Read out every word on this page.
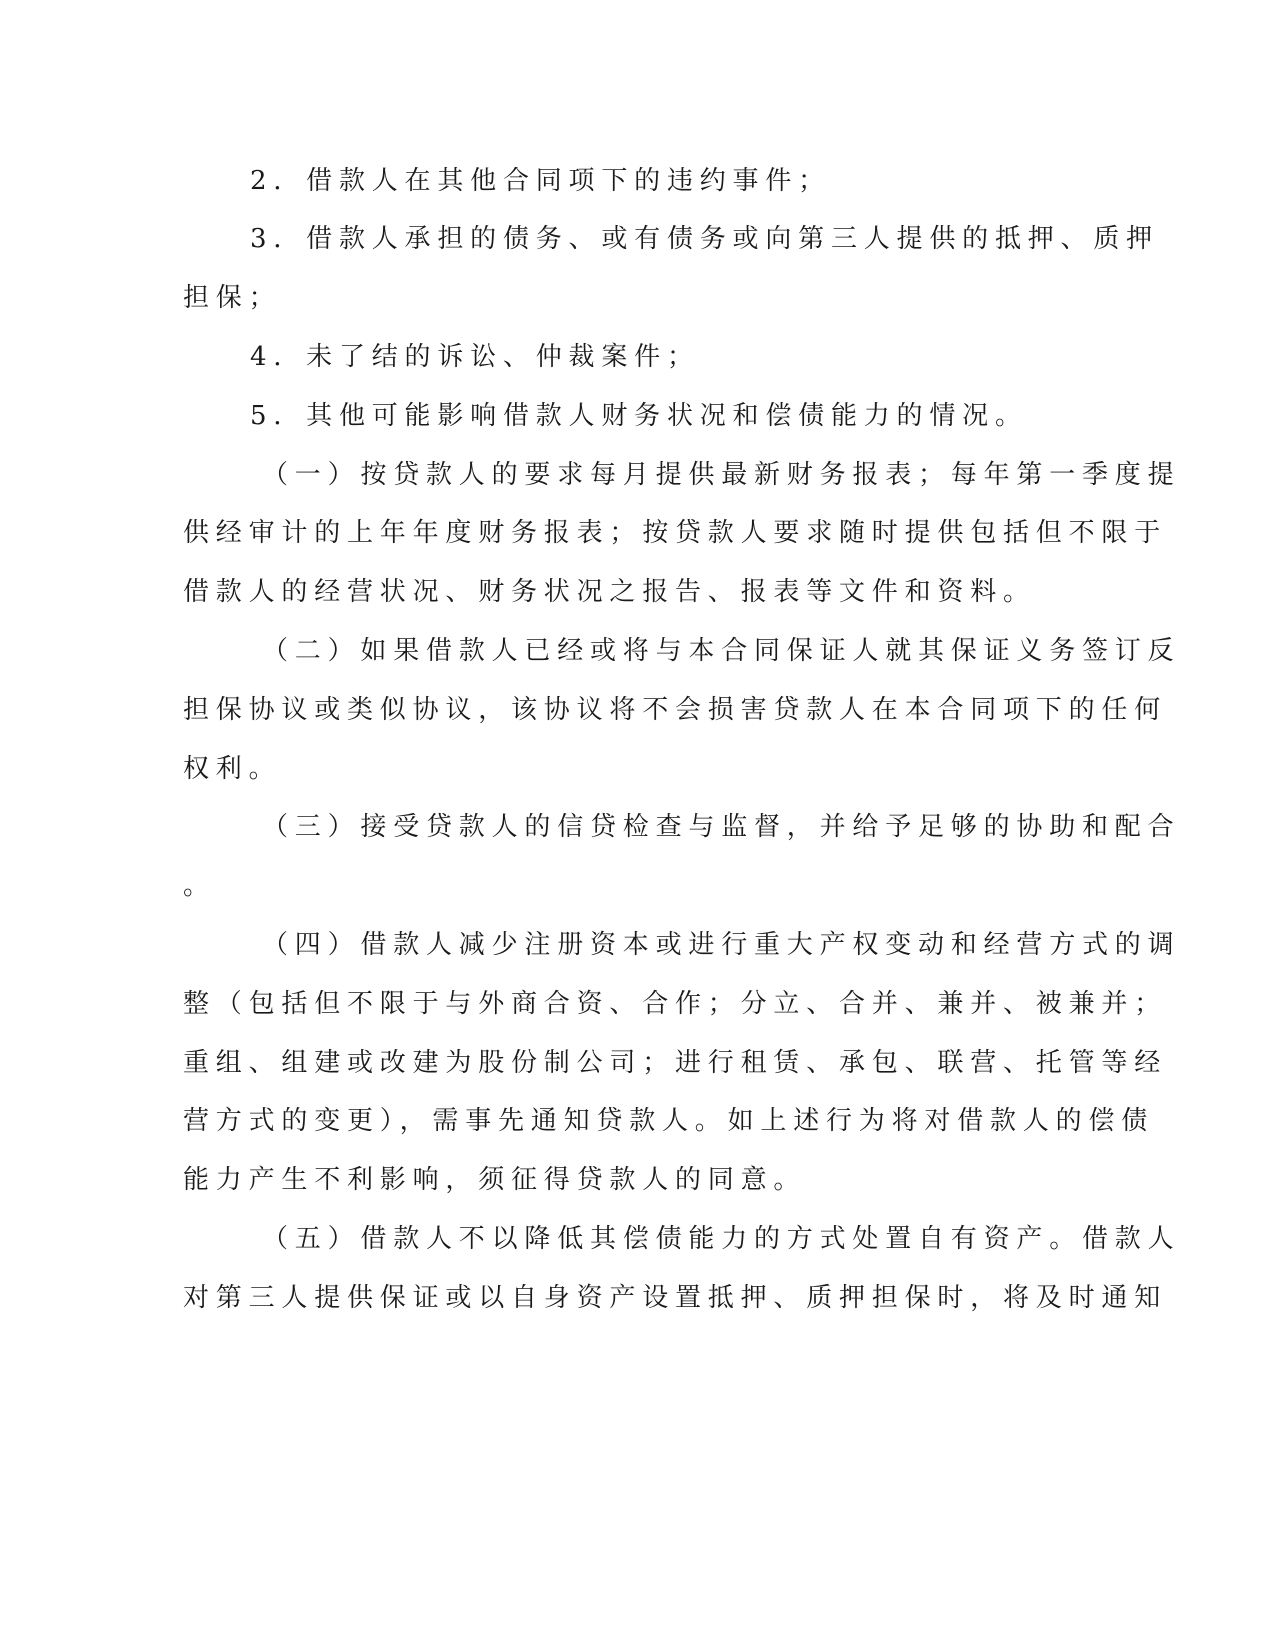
2．借款人在其他合同项下的违约事件；
3．借款人承担的债务、或有债务或向第三人提供的抵押、质押
担保；
4．未了结的诉讼、仲裁案件；
5．其他可能影响借款人财务状况和偿债能力的情况。
（一）按贷款人的要求每月提供最新财务报表；每年第一季度提
供经审计的上年年度财务报表；按贷款人要求随时提供包括但不限于
借款人的经营状况、财务状况之报告、报表等文件和资料。
（二）如果借款人已经或将与本合同保证人就其保证义务签订反
担保协议或类似协议，该协议将不会损害贷款人在本合同项下的任何
权利。
（三）接受贷款人的信贷检查与监督，并给予足够的协助和配合
。
（四）借款人减少注册资本或进行重大产权变动和经营方式的调
整（包括但不限于与外商合资、合作；分立、合并、兼并、被兼并；
重组、组建或改建为股份制公司；进行租赁、承包、联营、托管等经
营方式的变更），需事先通知贷款人。如上述行为将对借款人的偿债
能力产生不利影响，须征得贷款人的同意。
（五）借款人不以降低其偿债能力的方式处置自有资产。借款人
对第三人提供保证或以自身资产设置抵押、质押担保时，将及时通知
